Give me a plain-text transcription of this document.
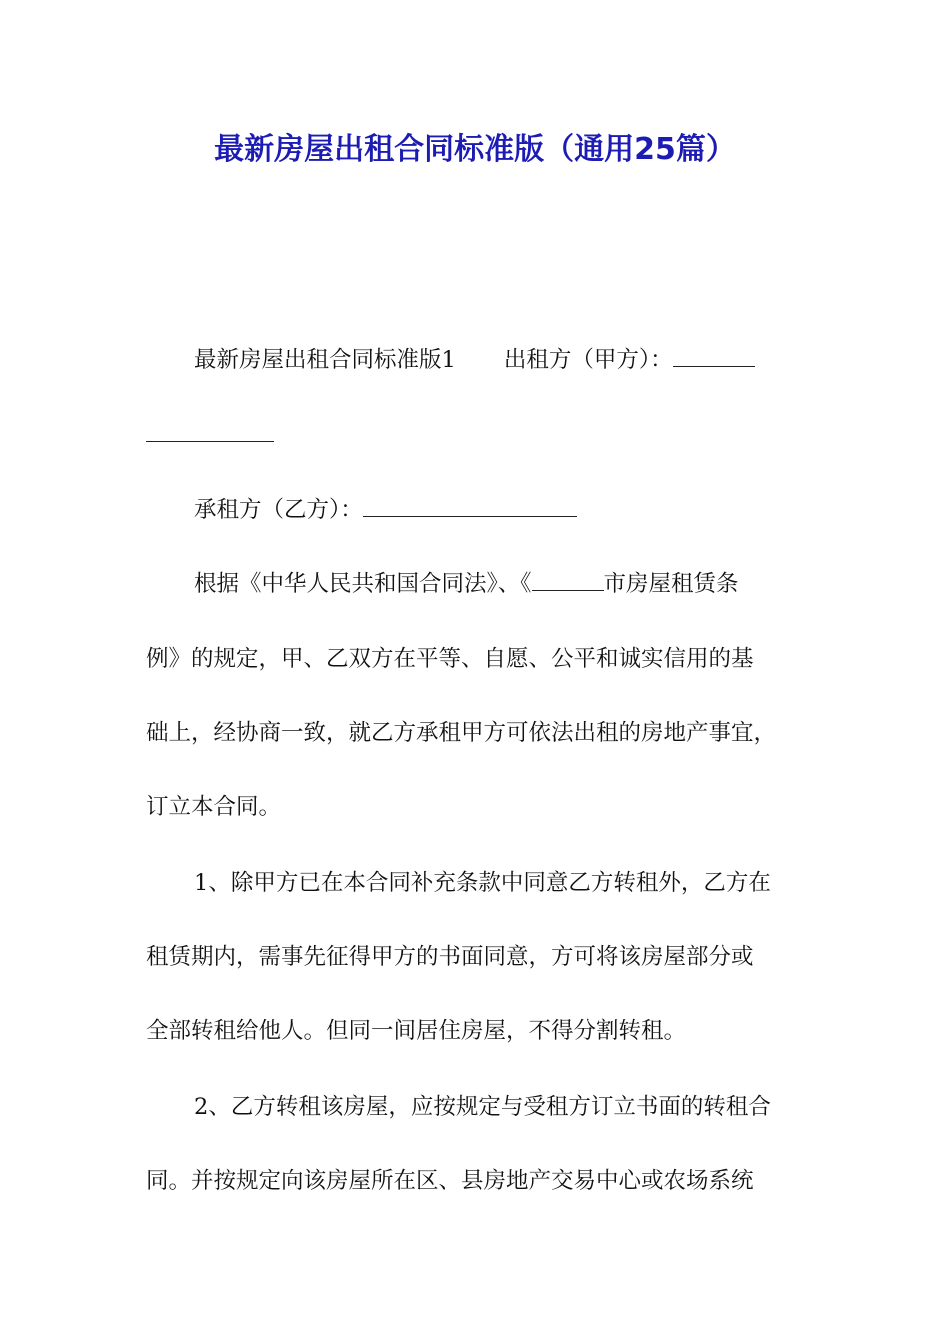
最新房屋出租合同标准版（通用25篇）
最新房屋出租合同标准版1 出租方（甲方）：
承租方（乙方）：
根据《中华人民共和国合同法》、《	市房屋租赁条
例》的规定，甲、乙双方在平等、自愿、公平和诚实信用的基
础上，经协商一致，就乙方承租甲方可依法出租的房地产事宜，
订立本合同。
1、除甲方已在本合同补充条款中同意乙方转租外，乙方在
租赁期内，需事先征得甲方的书面同意，方可将该房屋部分或
全部转租给他人。但同一间居住房屋，不得分割转租。
2、乙方转租该房屋，应按规定与受租方订立书面的转租合
同。并按规定向该房屋所在区、县房地产交易中心或农场系统
